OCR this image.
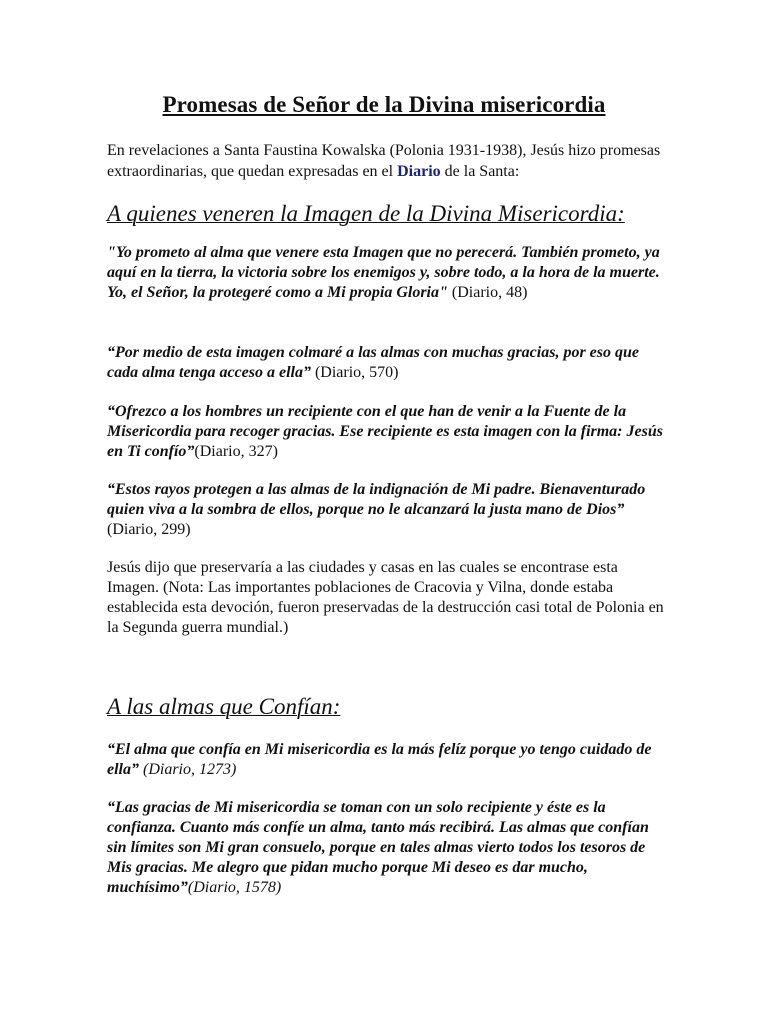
Promesas de Señor de la Divina misericordia

En revelaciones a Santa Faustina Kowalska (Polonia 1931-1938), Jesús hizo promesas extraordinarias, que quedan expresadas en el Diario de la Santa:

A quienes veneren la Imagen de la Divina Misericordia:

"Yo prometo al alma que venere esta Imagen que no perecerá. También prometo, ya aquí en la tierra, la victoria sobre los enemigos y, sobre todo, a la hora de la muerte. Yo, el Señor, la protegeré como a Mi propia Gloria" (Diario, 48)

“Por medio de esta imagen colmaré a las almas con muchas gracias, por eso que cada alma tenga acceso a ella” (Diario, 570)

“Ofrezco a los hombres un recipiente con el que han de venir a la Fuente de la Misericordia para recoger gracias. Ese recipiente es esta imagen con la firma: Jesús en Ti confío”(Diario, 327)

“Estos rayos protegen a las almas de la indignación de Mi padre. Bienaventurado quien viva a la sombra de ellos, porque no le alcanzará la justa mano de Dios” (Diario, 299)

Jesús dijo que preservaría a las ciudades y casas en las cuales se encontrase esta Imagen. (Nota: Las importantes poblaciones de Cracovia y Vilna, donde estaba establecida esta devoción, fueron preservadas de la destrucción casi total de Polonia en la Segunda guerra mundial.)

A las almas que Confían:

“El alma que confía en Mi misericordia es la más felíz porque yo tengo cuidado de ella” (Diario, 1273)

“Las gracias de Mi misericordia se toman con un solo recipiente y éste es la confianza. Cuanto más confíe un alma, tanto más recibirá. Las almas que confían sin límites son Mi gran consuelo, porque en tales almas vierto todos los tesoros de Mis gracias. Me alegro que pidan mucho porque Mi deseo es dar mucho, muchísimo”(Diario, 1578)
